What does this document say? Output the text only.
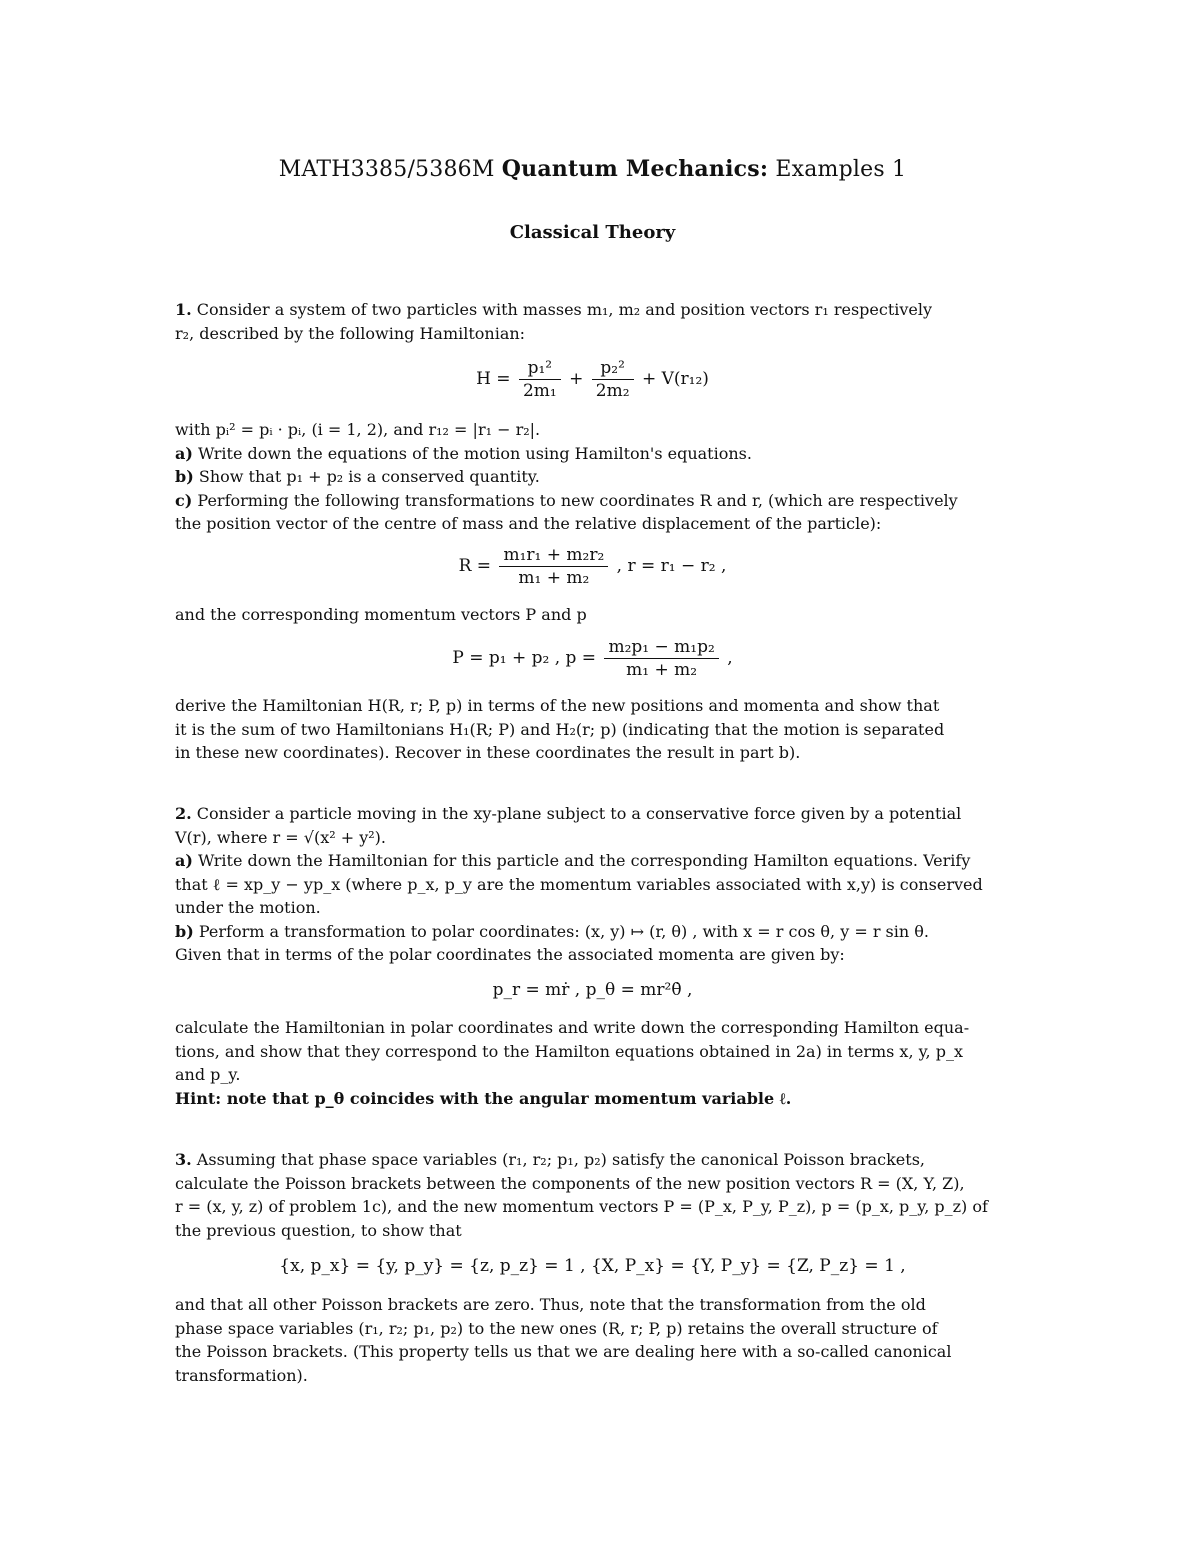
MATH3385/5386M Quantum Mechanics: Examples 1
Classical Theory
1. Consider a system of two particles with masses m₁, m₂ and position vectors r₁ respectively
r₂, described by the following Hamiltonian:
$H = \frac{\text{p₁²}}{\text{2m₁}} + \frac{\text{p₂²}}{\text{2m₂}} + V(r_{12})$
with pᵢ² = pᵢ · pᵢ, (i = 1, 2), and r₁₂ = |r₁ − r₂|.
a) Write down the equations of the motion using Hamilton's equations.
b) Show that p₁ + p₂ is a conserved quantity.
c) Performing the following transformations to new coordinates R and r, (which are respectively
the position vector of the centre of mass and the relative displacement of the particle):
$R = \frac{\text{m₁r₁ + m₂r₂}}{\text{m₁ + m₂}}$ , r = r₁ − r₂ ,
and the corresponding momentum vectors P and p
P = p₁ + p₂ , $p = \frac{\text{m₂p₁ − m₁p₂}}{\text{m₁ + m₂}}$ ,
derive the Hamiltonian H(R, r; P, p) in terms of the new positions and momenta and show that
it is the sum of two Hamiltonians H₁(R; P) and H₂(r; p) (indicating that the motion is separated
in these new coordinates). Recover in these coordinates the result in part b).
2. Consider a particle moving in the xy-plane subject to a conservative force given by a potential
V(r), where r = √(x² + y²).
a) Write down the Hamiltonian for this particle and the corresponding Hamilton equations. Verify
that ℓ = xp_y − yp_x (where p_x, p_y are the momentum variables associated with x,y) is conserved
under the motion.
b) Perform a transformation to polar coordinates: (x, y) ↦ (r, θ) , with x = r cos θ, y = r sin θ.
Given that in terms of the polar coordinates the associated momenta are given by:
p_r = mṙ , p_θ = mr²θ̇ ,
calculate the Hamiltonian in polar coordinates and write down the corresponding Hamilton equa-
tions, and show that they correspond to the Hamilton equations obtained in 2a) in terms x, y, p_x
and p_y.
Hint: note that p_θ coincides with the angular momentum variable ℓ.
3. Assuming that phase space variables (r₁, r₂; p₁, p₂) satisfy the canonical Poisson brackets,
calculate the Poisson brackets between the components of the new position vectors R = (X, Y, Z),
r = (x, y, z) of problem 1c), and the new momentum vectors P = (P_x, P_y, P_z), p = (p_x, p_y, p_z) of
the previous question, to show that
{x, p_x} = {y, p_y} = {z, p_z} = 1 , {X, P_x} = {Y, P_y} = {Z, P_z} = 1 ,
and that all other Poisson brackets are zero. Thus, note that the transformation from the old
phase space variables (r₁, r₂; p₁, p₂) to the new ones (R, r; P, p) retains the overall structure of
the Poisson brackets. (This property tells us that we are dealing here with a so-called canonical
transformation).
